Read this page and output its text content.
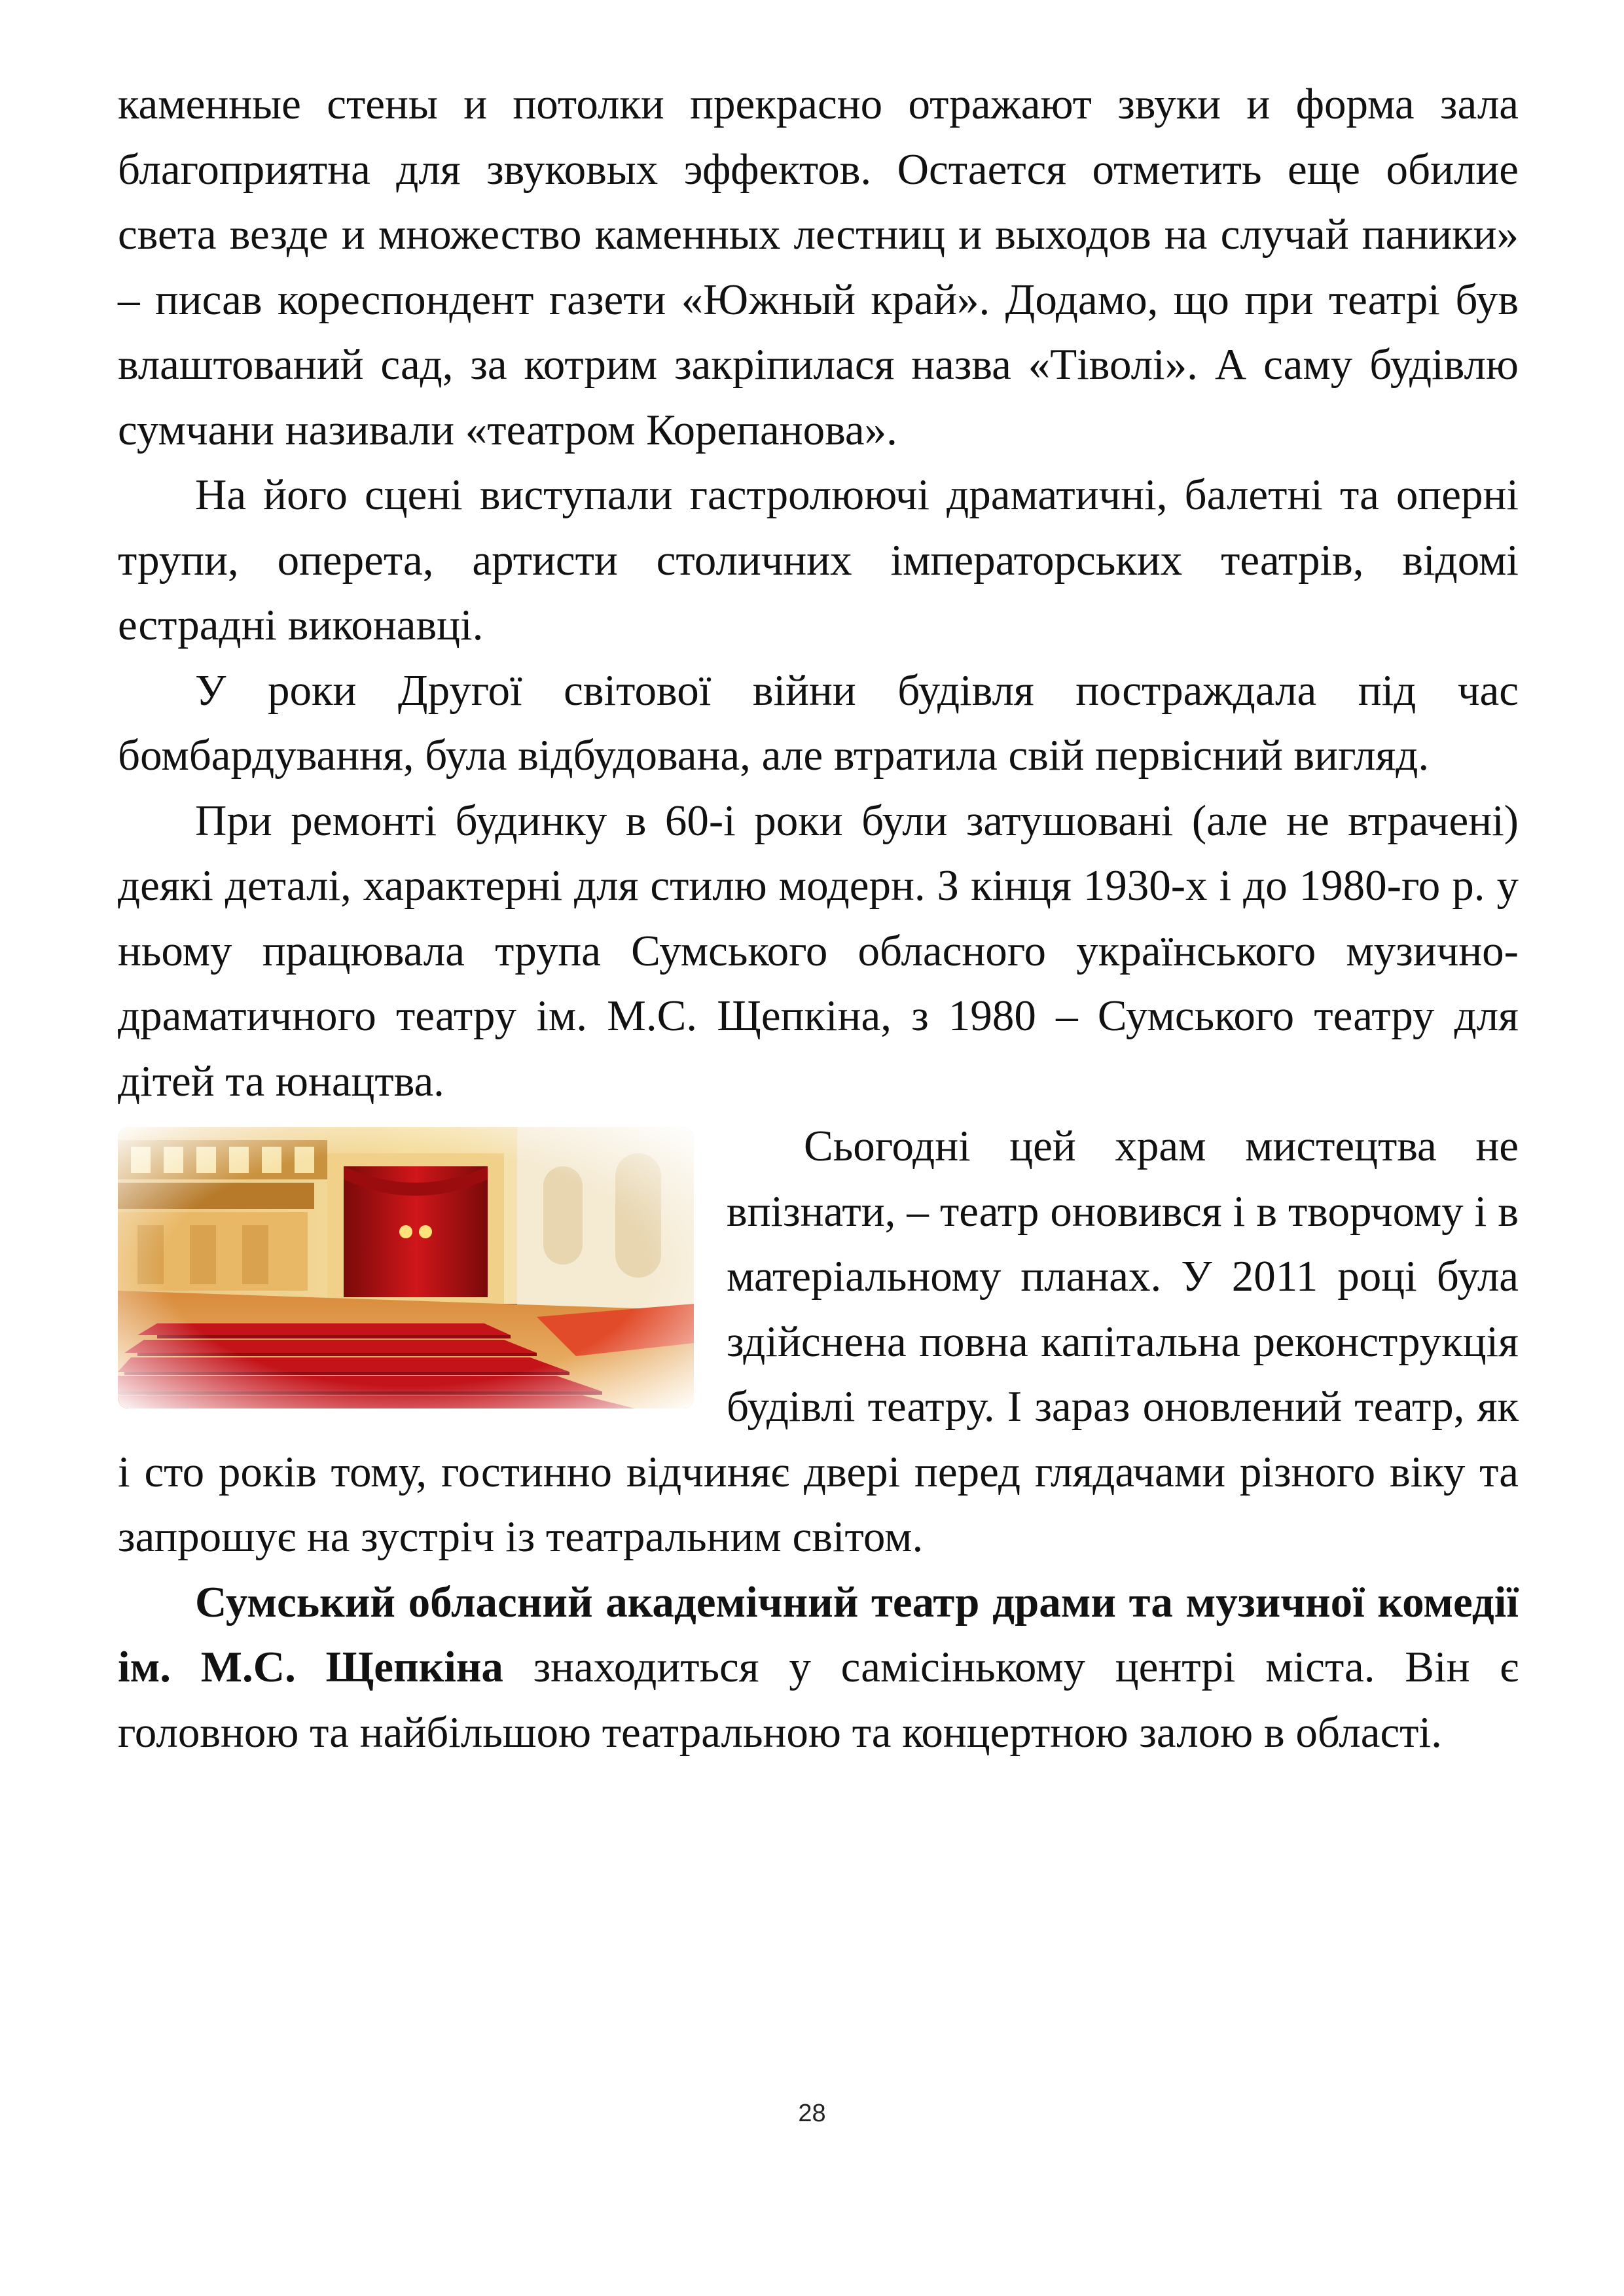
каменные стены и потолки прекрасно отражают звуки и форма зала благоприятна для звуковых эффектов. Остается отметить еще обилие света везде и множество каменных лестниц и выходов на случай паники» – писав кореспондент газети «Южный край». Додамо, що при театрі був влаштований сад, за котрим закріпилася назва «Тіволі». А саму будівлю сумчани називали «театром Корепанова».

На його сцені виступали гастролюючі драматичні, балетні та оперні трупи, оперета, артисти столичних імператорських театрів, відомі естрадні виконавці.

У роки Другої світової війни будівля постраждала під час бомбардування, була відбудована, але втратила свій первісний вигляд.

При ремонті будинку в 60-і роки були затушовані (але не втрачені) деякі деталі, характерні для стилю модерн. З кінця 1930-х і до 1980-го р. у ньому працювала трупа Сумського обласного українського музично-драматичного театру ім. М.С. Щепкіна, з 1980 – Сумського театру для дітей та юнацтва.

Сьогодні цей храм мистецтва не впізнати, – театр оновився і в творчому і в матеріальному планах. У 2011 році була здійснена повна капітальна реконструкція будівлі театру. І зараз оновлений театр, як і сто років тому, гостинно відчиняє двері перед глядачами різного віку та запрошує на зустріч із театральним світом.

Сумський обласний академічний театр драми та музичної комедії ім. М.С. Щепкіна знаходиться у самісінькому центрі міста. Він є головною та найбільшою театральною та концертною залою в області.

28
